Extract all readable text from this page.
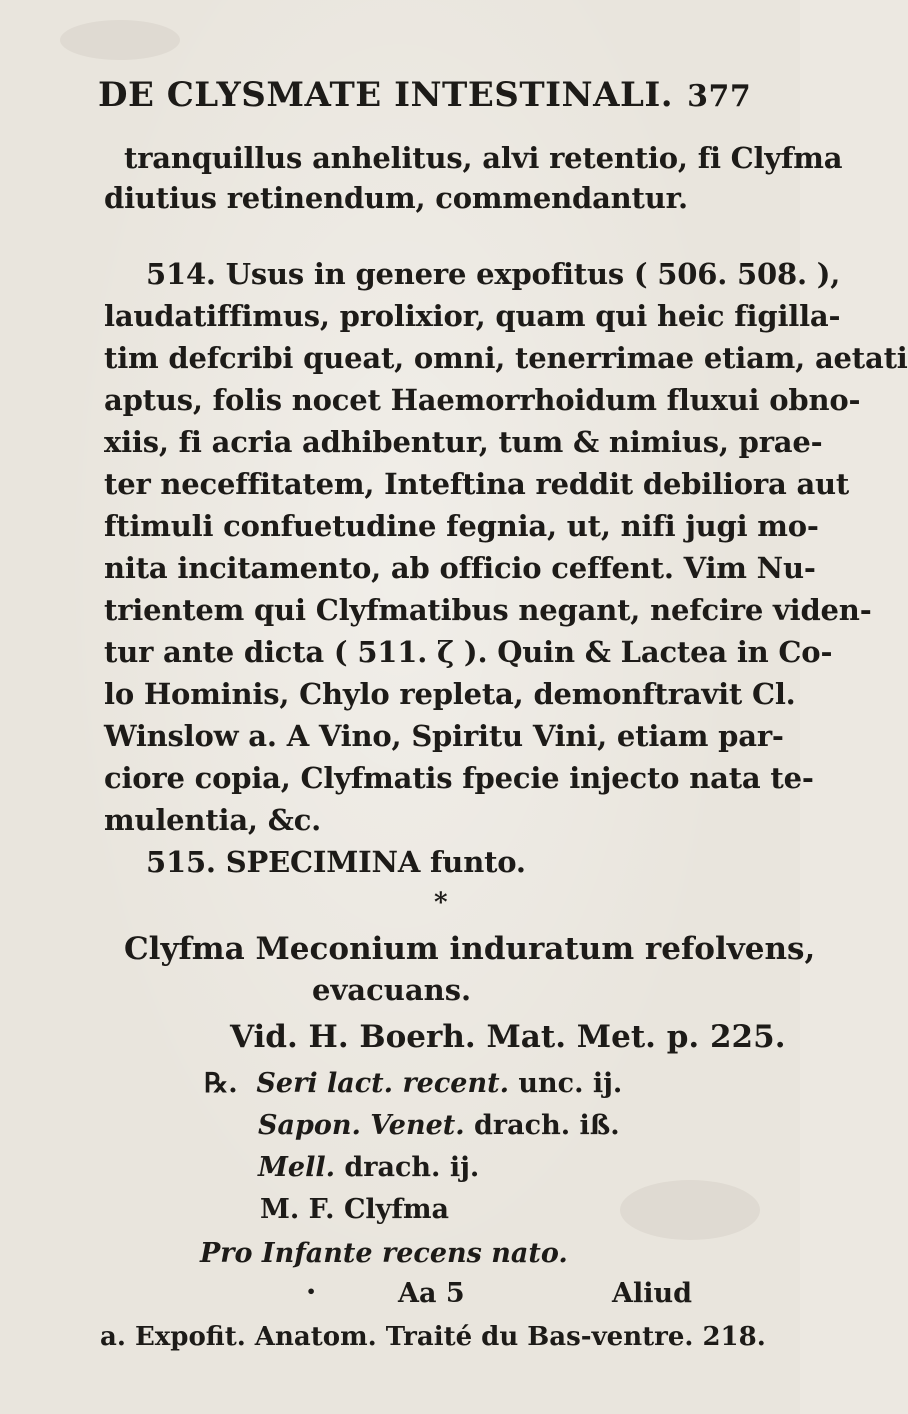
DE CLYSMATE INTESTINALI. 377
tranquillus anhelitus, alvi retentio, fi Clyfma
diutius retinendum, commendantur.
514. Usus in genere expofitus ( 506. 508. ),
laudatiffimus, prolixior, quam qui heic figilla-
tim defcribi queat, omni, tenerrimae etiam, aetati
aptus, folis nocet Haemorrhoidum fluxui obno-
xiis, fi acria adhibentur, tum & nimius, prae-
ter neceffitatem, Inteftina reddit debiliora aut
ftimuli confuetudine fegnia, ut, nifi jugi mo-
nita incitamento, ab officio ceffent. Vim Nu-
trientem qui Clyfmatibus negant, nefcire viden-
tur ante dicta ( 511. ζ ). Quin & Lactea in Co-
lo Hominis, Chylo repleta, demonftravit Cl.
Winslow a. A Vino, Spiritu Vini, etiam par-
ciore copia, Clyfmatis fpecie injecto nata te-
mulentia, &c.
515. SPECIMINA funto.
*
Clyfma Meconium induratum refolvens,
evacuans.
Vid. H. Boerh. Mat. Met. p. 225.
℞. Seri lact. recent. unc. ij.
Sapon. Venet. drach. iß.
Mell. drach. ij.
M. F. Clyfma
Pro Infante recens nato.
•	Aa 5	Aliud
a. Expofit. Anatom. Traité du Bas-ventre. 218.
